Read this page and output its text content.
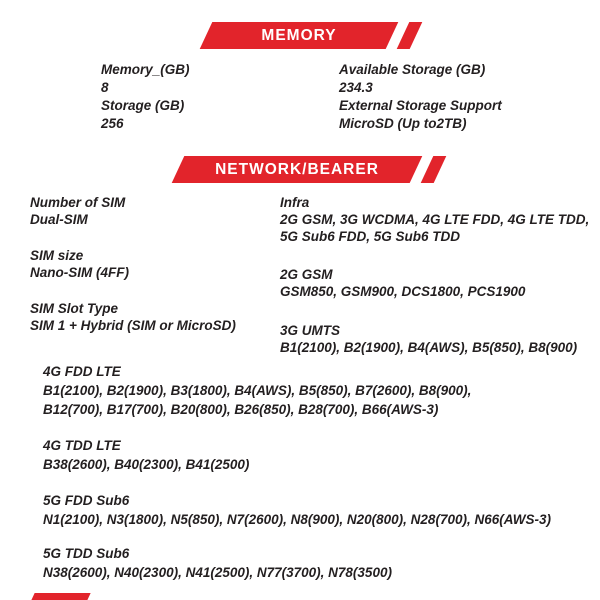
MEMORY
Memory_(GB)
8
Storage (GB)
256
Available Storage (GB)
234.3
External Storage Support
MicroSD (Up to2TB)
NETWORK/BEARER
Number of SIM
Dual-SIM
SIM size
Nano-SIM (4FF)
SIM Slot Type
SIM 1 + Hybrid (SIM or MicroSD)
Infra
2G GSM, 3G WCDMA, 4G LTE FDD, 4G LTE TDD,
5G Sub6 FDD, 5G Sub6 TDD
2G GSM
GSM850, GSM900, DCS1800, PCS1900
3G UMTS
B1(2100), B2(1900), B4(AWS), B5(850), B8(900)
4G FDD LTE
B1(2100), B2(1900), B3(1800), B4(AWS), B5(850), B7(2600), B8(900),
B12(700), B17(700), B20(800), B26(850), B28(700), B66(AWS-3)
4G TDD LTE
B38(2600), B40(2300), B41(2500)
5G FDD Sub6
N1(2100), N3(1800), N5(850), N7(2600), N8(900), N20(800), N28(700), N66(AWS-3)
5G TDD Sub6
N38(2600), N40(2300), N41(2500), N77(3700), N78(3500)
